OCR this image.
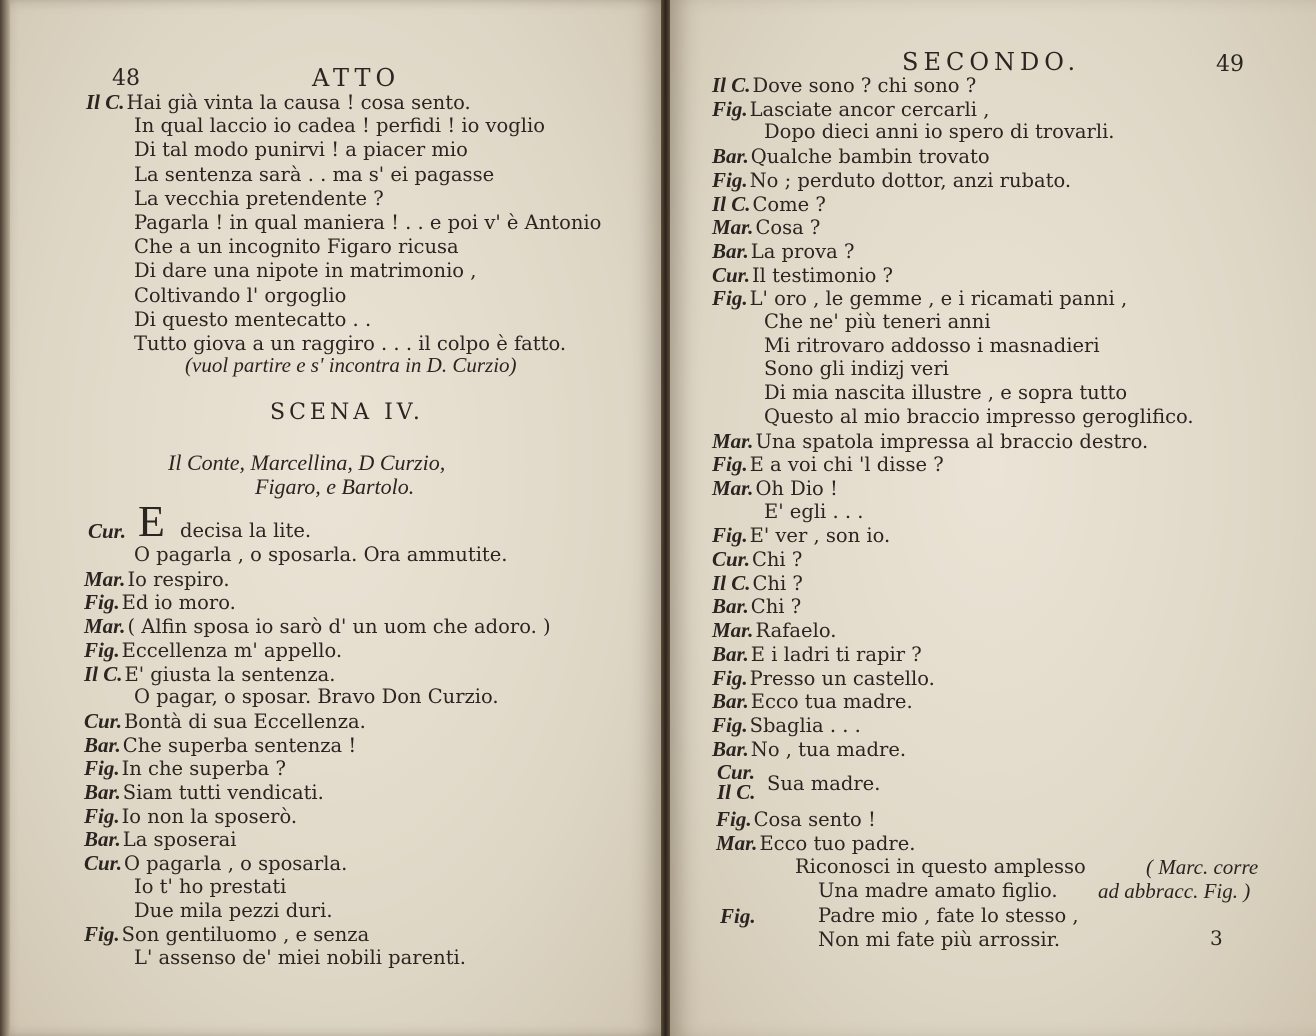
48	ATTO
Il C. Hai già vinta la causa ! cosa sento.
In qual laccio io cadea ! perfidi ! io voglio
Di tal modo punirvi ! a piacer mio
La sentenza sarà . . ma s' ei pagasse
La vecchia pretendente ?
Pagarla ! in qual maniera ! . . e poi v' è Antonio
Che a un incognito Figaro ricusa
Di dare una nipote in matrimonio ,
Coltivando l' orgoglio
Di questo mentecatto . .
Tutto giova a un raggiro . . . il colpo è fatto.
(vuol partire e s' incontra in D. Curzio)
SCENA IV.
Il Conte, Marcellina, D Curzio,
Figaro, e Bartolo.
Cur. E decisa la lite.
O pagarla , o sposarla. Ora ammutite.
Mar. Io respiro.
Fig. Ed io moro.
Mar. ( Alfin sposa io sarò d' un uom che adoro. )
Fig. Eccellenza m' appello.
Il C. E' giusta la sentenza.
O pagar, o sposar. Bravo Don Curzio.
Cur. Bontà di sua Eccellenza.
Bar. Che superba sentenza !
Fig. In che superba ?
Bar. Siam tutti vendicati.
Fig. Io non la sposerò.
Bar. La sposerai
Cur. O pagarla , o sposarla.
Io t' ho prestati
Due mila pezzi duri.
Fig. Son gentiluomo , e senza
L' assenso de' miei nobili parenti.
SECONDO.	49
Il C. Dove sono ? chi sono ?
Fig. Lasciate ancor cercarli ,
Dopo dieci anni io spero di trovarli.
Bar. Qualche bambin trovato
Fig. No ; perduto dottor, anzi rubato.
Il C. Come ?
Mar. Cosa ?
Bar. La prova ?
Cur. Il testimonio ?
Fig. L' oro , le gemme , e i ricamati panni ,
Che ne' più teneri anni
Mi ritrovaro addosso i masnadieri
Sono gli indizj veri
Di mia nascita illustre , e sopra tutto
Questo al mio braccio impresso geroglifico.
Mar. Una spatola impressa al braccio destro.
Fig. E a voi chi 'l disse ?
Mar. Oh Dio !
E' egli . . .
Fig. E' ver , son io.
Cur. Chi ?
Il C. Chi ?
Bar. Chi ?
Mar. Rafaelo.
Bar. E i ladri ti rapir ?
Fig. Presso un castello.
Bar. Ecco tua madre.
Fig. Sbaglia . . .
Bar. No , tua madre.
Cur.
Il C. Sua madre.
Fig. Cosa sento !
Mar. Ecco tuo padre.
Riconosci in questo amplesso	( Marc. corre
Una madre amato figlio. ad abbracc. Fig. )
Fig.	Padre mio , fate lo stesso ,
Non mi fate più arrossir.	3
